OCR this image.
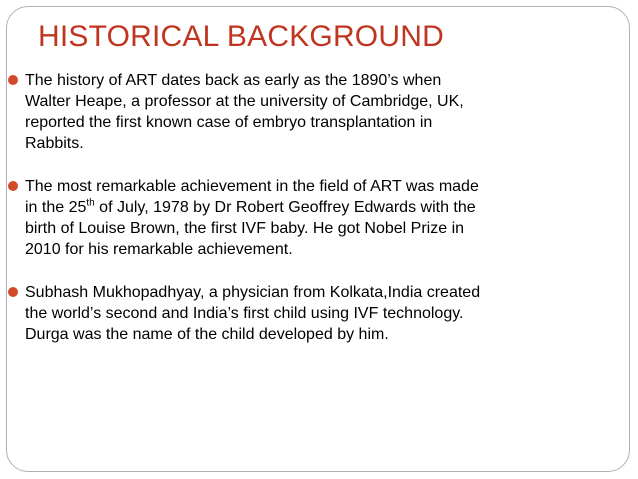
HISTORICAL BACKGROUND
The history of ART dates back as early as the 1890’s when
Walter Heape, a professor at the university of Cambridge, UK,
reported the first known case of embryo transplantation in
Rabbits.
The most remarkable achievement in the field of ART was made
in the 25th of July, 1978 by Dr Robert Geoffrey Edwards with the
birth of Louise Brown, the first IVF baby. He got Nobel Prize in
2010 for his remarkable achievement.
Subhash Mukhopadhyay, a physician from Kolkata,India created
the world’s second and India’s first child using IVF technology.
Durga was the name of the child developed by him.
